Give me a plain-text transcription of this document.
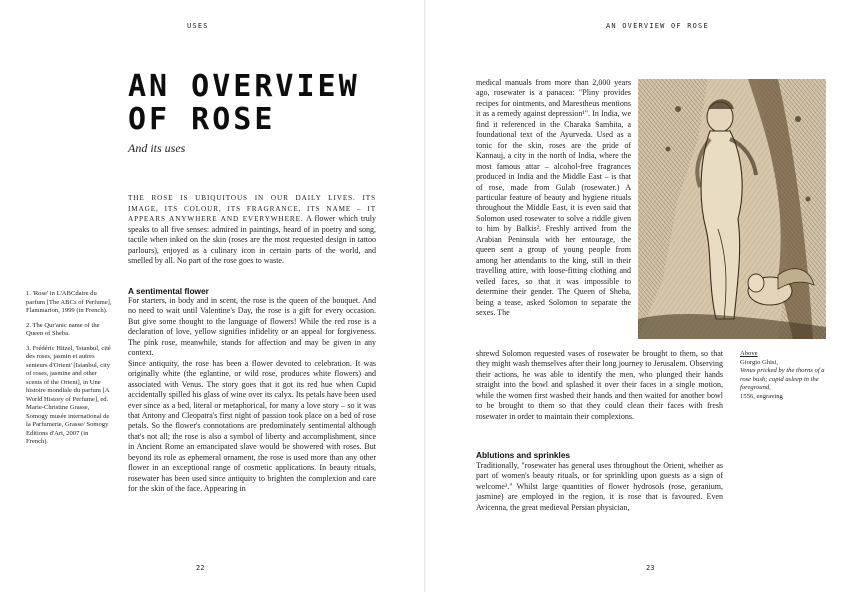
USES
AN OVERVIEW
OF ROSE
And its uses
THE ROSE IS UBIQUITOUS IN OUR DAILY LIVES. ITS IMAGE, ITS COLOUR, ITS FRAGRANCE, ITS NAME – IT APPEARS ANYWHERE AND EVERYWHERE. A flower which truly speaks to all five senses: admired in paintings, heard of in poetry and song, tactile when inked on the skin (roses are the most requested design in tattoo parlours), enjoyed as a culinary icon in certain parts of the world, and smelled by all. No part of the rose goes to waste.

1. 'Rose' in L'ABCdaire du parfum [The ABCs of Perfume], Flammarion, 1999 (in French).

2. The Qur'anic name of the Queen of Sheba.

3. Frédéric Hitzel, 'Istanbul, cité des roses, jasmin et autres senteurs d'Orient' [Istanbul, city of roses, jasmine and other scents of the Orient], in Une histoire mondiale du parfum [A World History of Perfume], ed. Marie-Christine Grasse, Somogy musée international de la Parfumerie, Grasse/ Somogy Editions d'Art, 2007 (in French).

A sentimental flower

For starters, in body and in scent, the rose is the queen of the bouquet. And no need to wait until Valentine's Day, the rose is a gift for every occasion. But give some thought to the language of flowers! While the red rose is a declaration of love, yellow signifies infidelity or an appeal for forgiveness. The pink rose, meanwhile, stands for affection and may be given in any context.

Since antiquity, the rose has been a flower devoted to celebration. It was originally white (the eglantine, or wild rose, produces white flowers) and associated with Venus. The story goes that it got its red hue when Cupid accidentally spilled his glass of wine over its calyx. Its petals have been used ever since as a bed, literal or metaphorical, for many a love story – so it was that Antony and Cleopatra's first night of passion took place on a bed of rose petals. So the flower's connotations are predominately sentimental although that's not all; the rose is also a symbol of liberty and accomplishment, since in Ancient Rome an emancipated slave would be showered with roses. But beyond its role as ephemeral ornament, the rose is used more than any other flower in an exceptional range of cosmetic applications. In beauty rituals, rosewater has been used since antiquity to brighten the complexion and care for the skin of the face. Appearing in

22
AN OVERVIEW OF ROSE
medical manuals from more than 2,000 years ago, rosewater is a panacea: "Pliny provides recipes for ointments, and Marestheus mentions it as a remedy against depression¹". In India, we find it referenced in the Charaka Samhita, a foundational text of the Ayurveda. Used as a tonic for the skin, roses are the pride of Kannauj, a city in the north of India, where the most famous attar – alcohol-free fragrances produced in India and the Middle East – is that of rose, made from Gulab (rosewater.) A particular feature of beauty and hygiene rituals throughout the Middle East, it is even said that Solomon used rosewater to solve a riddle given to him by Balkis². Freshly arrived from the Arabian Peninsula with her entourage, the queen sent a group of young people from among her attendants to the king, still in their travelling attire, with loose-fitting clothing and veiled faces, so that it was impossible to determine their gender. The Queen of Sheba, being a tease, asked Solomon to separate the sexes. The
Above
Giorgio Ghisi,
Venus pricked by the thorns of a rose bush; cupid asleep in the foreground,
1556, engraving
shrewd Solomon requested vases of rosewater be brought to them, so that they might wash themselves after their long journey to Jerusalem. Observing their actions, he was able to identify the men, who plunged their hands straight into the bowl and splashed it over their faces in a single motion, while the women first washed their hands and then waited for another bowl to be brought to them so that they could clean their faces with fresh rosewater in order to maintain their complexions.
Ablutions and sprinkles
Traditionally, "rosewater has general uses throughout the Orient, whether as part of women's beauty rituals, or for sprinkling upon guests as a sign of welcome³." Whilst large quantities of flower hydrosols (rose, geranium, jasmine) are employed in the region, it is rose that is favoured. Even Avicenna, the great medieval Persian physician,
23
